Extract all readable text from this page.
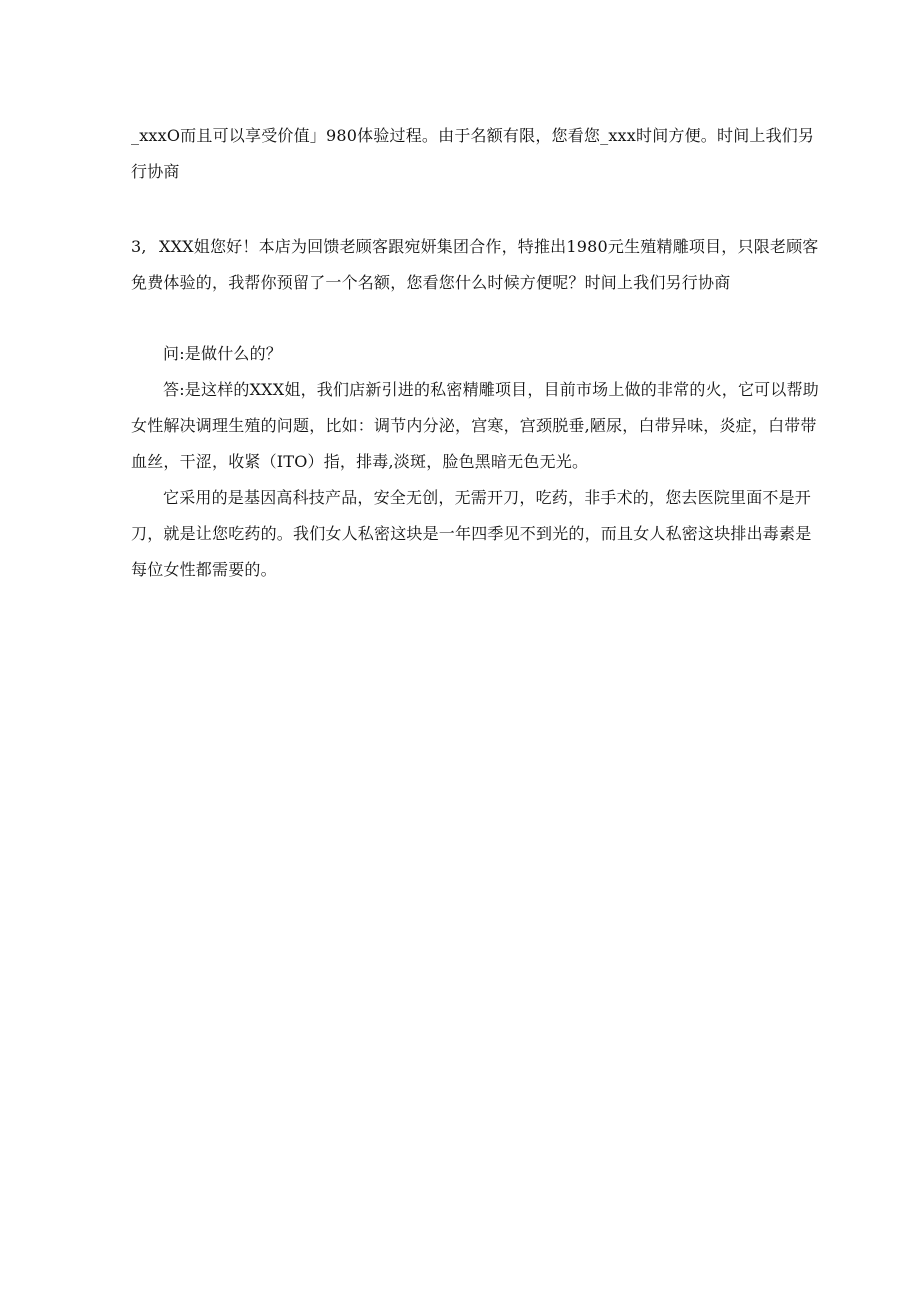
_xxxO而且可以享受价值」980体验过程。由于名额有限，您看您_xxx时间方便。时间上我们另行协商

3, XXX姐您好！本店为回馈老顾客跟宛妍集团合作，特推出1980元生殖精雕项目，只限老顾客免费体验的，我帮你预留了一个名额，您看您什么时候方便呢？时间上我们另行协商

问:是做什么的？

答:是这样的XXX姐，我们店新引进的私密精雕项目，目前市场上做的非常的火，它可以帮助女性解决调理生殖的问题，比如：调节内分泌，宫寒，宫颈脱垂,陋尿，白带异味，炎症，白带带血丝，干涩，收紧（ITO）指，排毒,淡斑，脸色黑暗无色无光。

它采用的是基因高科技产品，安全无创，无需开刀，吃药，非手术的，您去医院里面不是开刀，就是让您吃药的。我们女人私密这块是一年四季见不到光的，而且女人私密这块排出毒素是每位女性都需要的。
